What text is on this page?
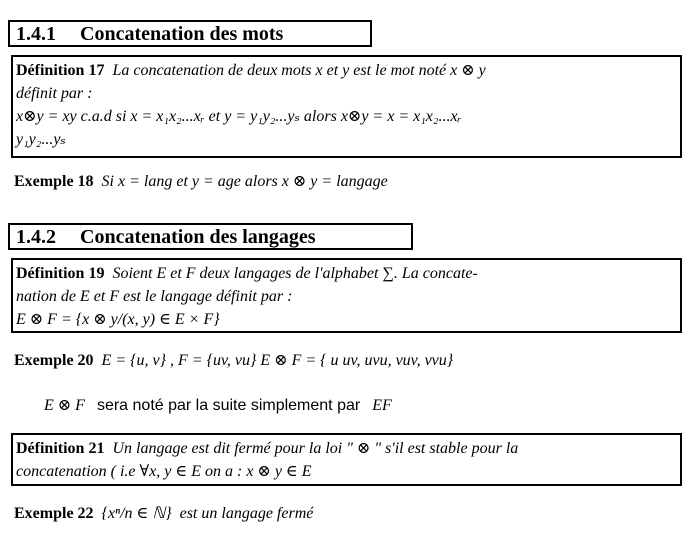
1.4.1 Concatenation des mots
Définition 17 La concatenation de deux mots x et y est le mot noté x ⊗ y
définit par :
x⊗y = xy c.a.d si x = x₁x₂...xᵣ et y = y₁y₂...yₛ alors x⊗y = x = x₁x₂...xᵣ
y₁y₂...yₛ
Exemple 18 Si x = lang et y = age alors x ⊗ y = langage
1.4.2 Concatenation des langages
Définition 19 Soient E et F deux langages de l'alphabet ∑. La concate-
nation de E et F est le langage définit par :
E ⊗ F = {x ⊗ y/(x, y) ∈ E × F}
Exemple 20 E = {u, v} , F = {uv, vu} E ⊗ F = { u uv, uvu, vuv, vvu}
E ⊗ F sera noté par la suite simplement par EF
Définition 21 Un langage est dit fermé pour la loi " ⊗ " s'il est stable pour la
concatenation ( i.e ∀x, y ∈ E on a : x ⊗ y ∈ E
Exemple 22 {xⁿ/n ∈ ℕ} est un langage fermé
